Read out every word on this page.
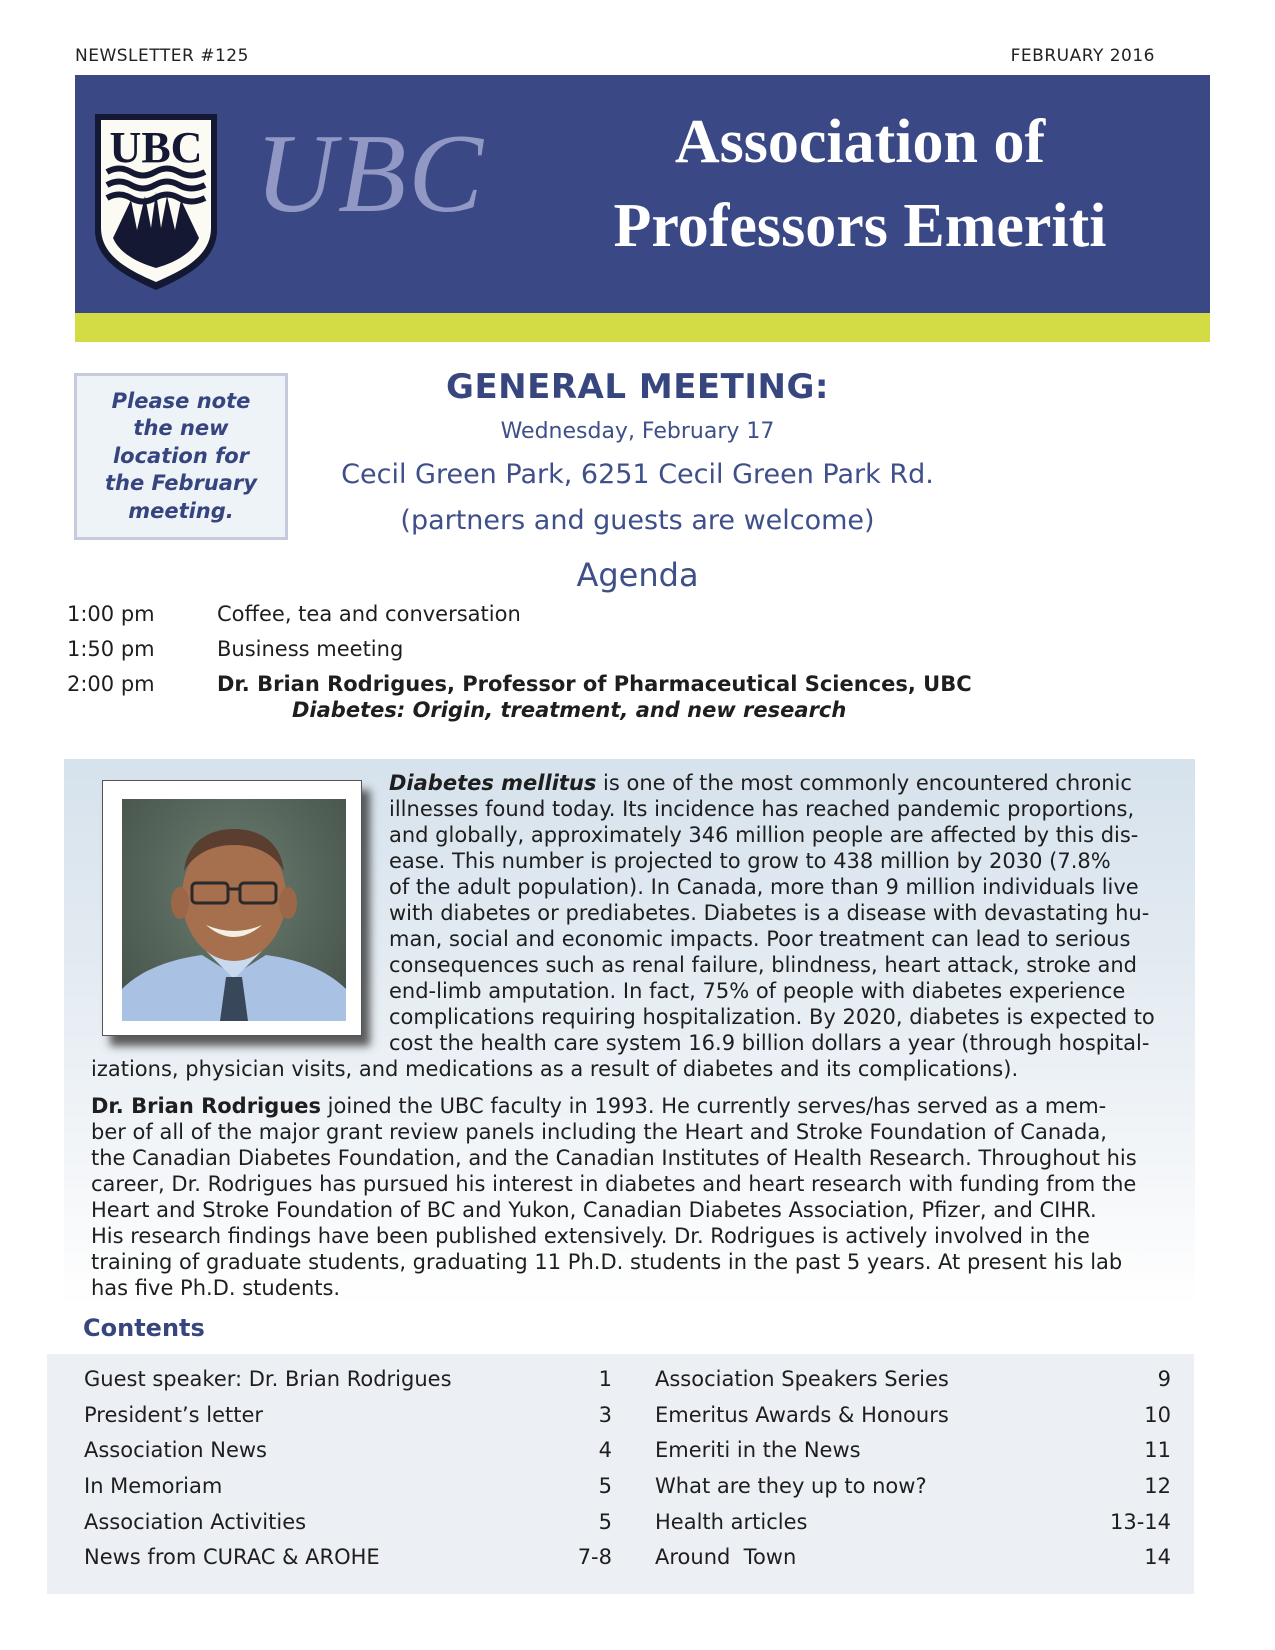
NEWSLETTER #125	FEBRUARY 2016
UBC UBC	Association of
Professors Emeriti
Please note
the new
location for
the February
meeting.
GENERAL MEETING:
Wednesday, February 17
Cecil Green Park, 6251 Cecil Green Park Rd.
(partners and guests are welcome)
Agenda
1:00 pm	Coffee, tea and conversation
1:50 pm	Business meeting
2:00 pm	Dr. Brian Rodrigues, Professor of Pharmaceutical Sciences, UBC
Diabetes: Origin, treatment, and new research
Diabetes mellitus is one of the most commonly encountered chronic
illnesses found today. Its incidence has reached pandemic proportions,
and globally, approximately 346 million people are affected by this dis-
ease. This number is projected to grow to 438 million by 2030 (7.8%
of the adult population). In Canada, more than 9 million individuals live
with diabetes or prediabetes. Diabetes is a disease with devastating hu-
man, social and economic impacts. Poor treatment can lead to serious
consequences such as renal failure, blindness, heart attack, stroke and
end-limb amputation. In fact, 75% of people with diabetes experience
complications requiring hospitalization. By 2020, diabetes is expected to
cost the health care system 16.9 billion dollars a year (through hospital-
izations, physician visits, and medications as a result of diabetes and its complications).
Dr. Brian Rodrigues joined the UBC faculty in 1993. He currently serves/has served as a mem-
ber of all of the major grant review panels including the Heart and Stroke Foundation of Canada,
the Canadian Diabetes Foundation, and the Canadian Institutes of Health Research. Throughout his
career, Dr. Rodrigues has pursued his interest in diabetes and heart research with funding from the
Heart and Stroke Foundation of BC and Yukon, Canadian Diabetes Association, Pfizer, and CIHR.
His research findings have been published extensively. Dr. Rodrigues is actively involved in the
training of graduate students, graduating 11 Ph.D. students in the past 5 years. At present his lab
has five Ph.D. students.
Contents
Guest speaker: Dr. Brian Rodrigues	1
President’s letter	3
Association News	4
In Memoriam	5
Association Activities	5
News from CURAC & AROHE	7-8
Association Speakers Series	9
Emeritus Awards & Honours	10
Emeriti in the News	11
What are they up to now?	12
Health articles	13-14
Around  Town	14
